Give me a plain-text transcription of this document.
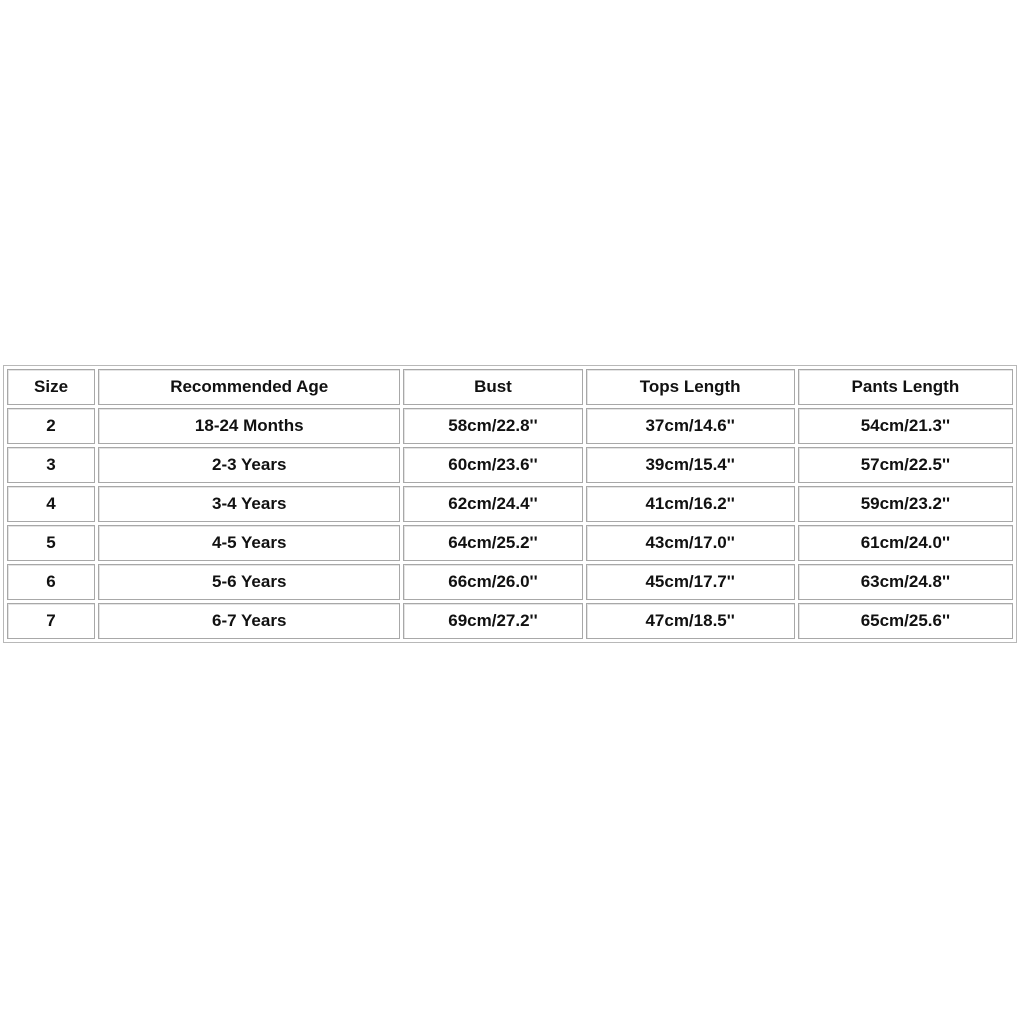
Size	Recommended Age	Bust	Tops Length	Pants Length
2	18-24 Months	58cm/22.8''	37cm/14.6''	54cm/21.3''
3	2-3 Years	60cm/23.6''	39cm/15.4''	57cm/22.5''
4	3-4 Years	62cm/24.4''	41cm/16.2''	59cm/23.2''
5	4-5 Years	64cm/25.2''	43cm/17.0''	61cm/24.0''
6	5-6 Years	66cm/26.0''	45cm/17.7''	63cm/24.8''
7	6-7 Years	69cm/27.2''	47cm/18.5''	65cm/25.6''
